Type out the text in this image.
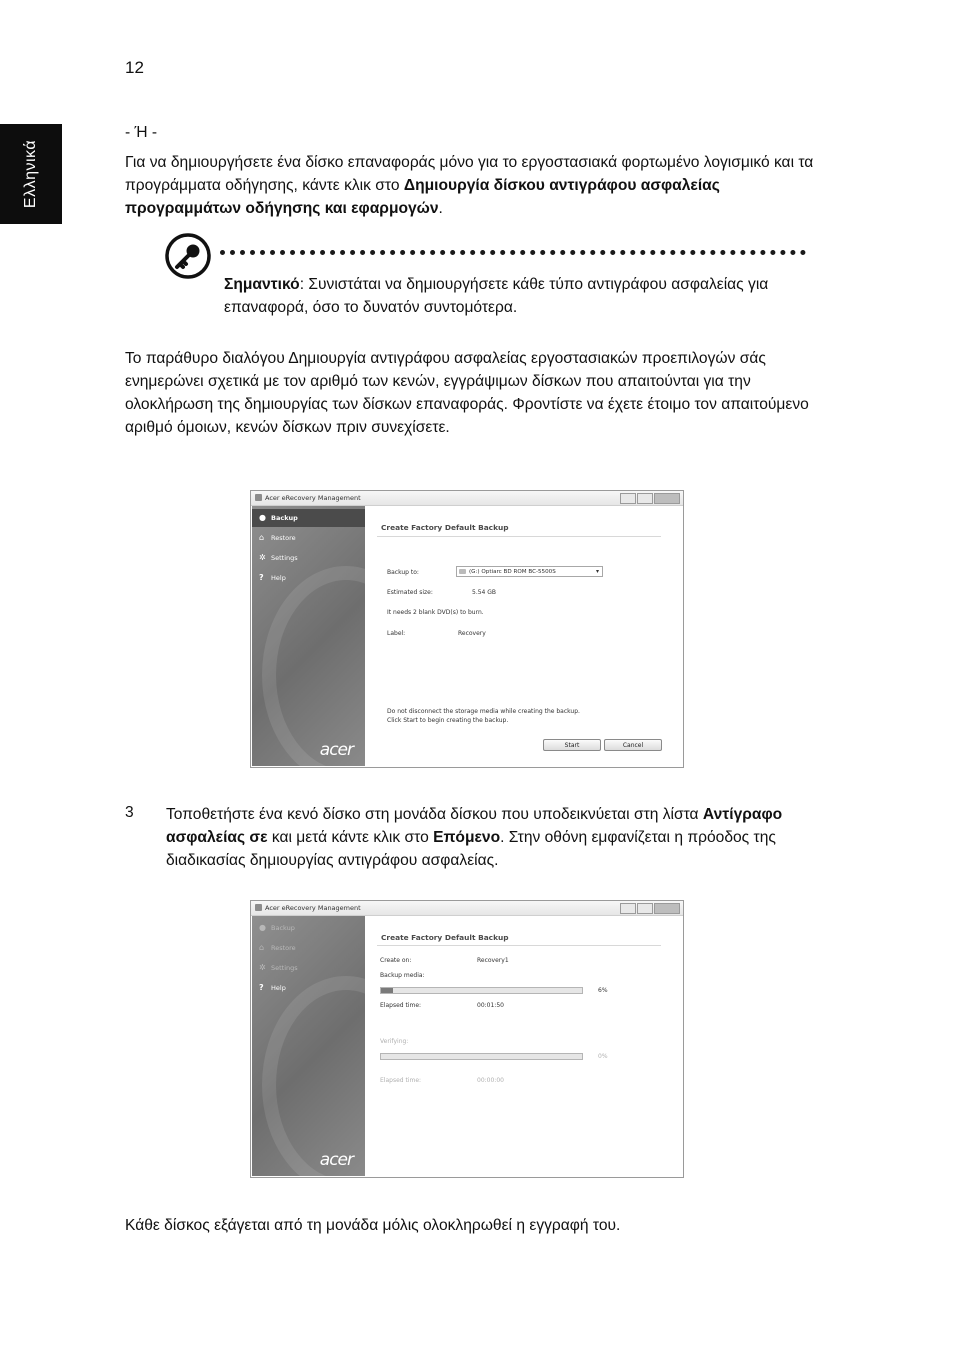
12
Ελληνικά
- Ή -
Για να δημιουργήσετε ένα δίσκο επαναφοράς μόνο για το εργοστασιακά φορτωμένο λογισμικό και τα προγράμματα οδήγησης, κάντε κλικ στο Δημιουργία δίσκου αντιγράφου ασφαλείας προγραμμάτων οδήγησης και εφαρμογών.
Σημαντικό: Συνιστάται να δημιουργήσετε κάθε τύπο αντιγράφου ασφαλείας για επαναφορά, όσο το δυνατόν συντομότερα.
Το παράθυρο διαλόγου Δημιουργία αντιγράφου ασφαλείας εργοστασιακών προεπιλογών σάς ενημερώνει σχετικά με τον αριθμό των κενών, εγγράψιμων δίσκων που απαιτούνται για την ολοκλήρωση της δημιουργίας των δίσκων επαναφοράς. Φροντίστε να έχετε έτοιμο τον απαιτούμενο αριθμό όμοιων, κενών δίσκων πριν συνεχίσετε.
Acer eRecovery Management
● Backup
⌂	Restore
✲ Settings
?	Help
acer
Create Factory Default Backup
Backup to:	(G:) Optiarc BD ROM BC-5500S	▾
Estimated size:	5.54 GB
It needs 2 blank DVD(s) to burn.
Label:	Recovery
Do not disconnect the storage media while creating the backup.
Click Start to begin creating the backup.
Start	Cancel
3 Τοποθετήστε ένα κενό δίσκο στη μονάδα δίσκου που υποδεικνύεται στη λίστα Αντίγραφο ασφαλείας σε και μετά κάντε κλικ στο Επόμενο. Στην οθόνη εμφανίζεται η πρόοδος της διαδικασίας δημιουργίας αντιγράφου ασφαλείας.
Acer eRecovery Management
● Backup
⌂	Restore
✲ Settings
?	Help
acer
Create Factory Default Backup
Create on:	Recovery1
Backup media:
6%
Elapsed time:	00:01:50
Verifying:
0%
Elapsed time:	00:00:00
Κάθε δίσκος εξάγεται από τη μονάδα μόλις ολοκληρωθεί η εγγραφή του.
